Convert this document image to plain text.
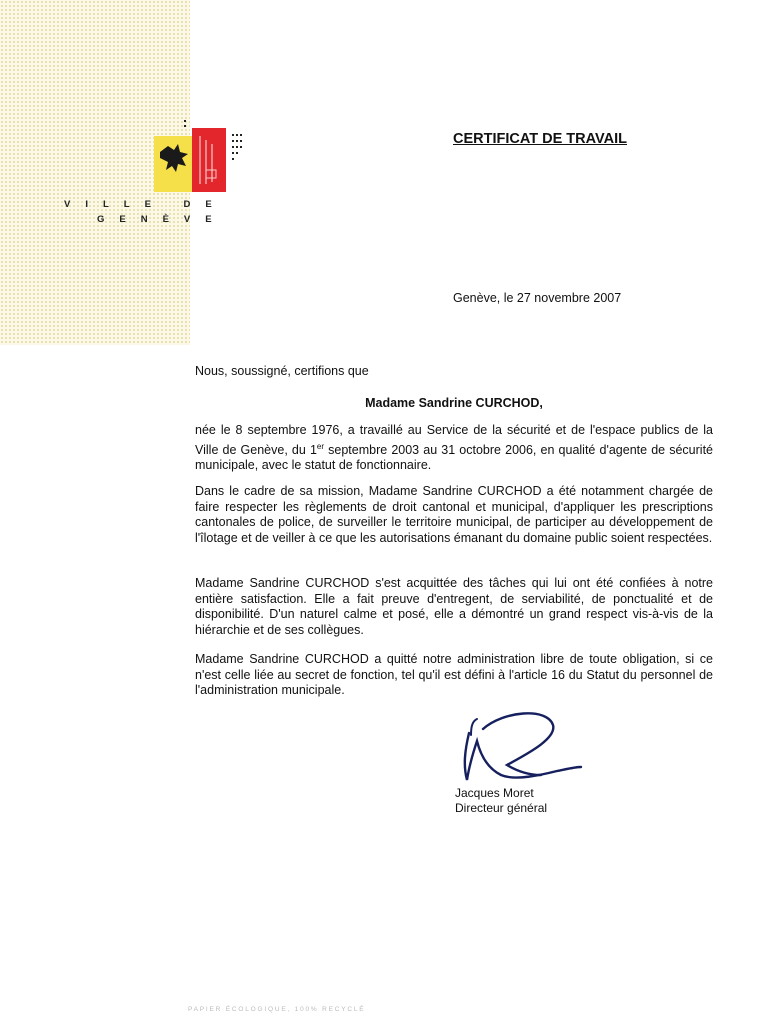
VILLE DE
GENÈVE
CERTIFICAT DE TRAVAIL
Genève, le 27 novembre 2007
Nous, soussigné, certifions que
Madame Sandrine CURCHOD,

née le 8 septembre 1976, a travaillé au Service de la sécurité et de l'espace publics de la Ville de Genève, du 1er septembre 2003 au 31 octobre 2006, en qualité d'agente de sécurité municipale, avec le statut de fonctionnaire.

Dans le cadre de sa mission, Madame Sandrine CURCHOD a été notamment chargée de faire respecter les règlements de droit cantonal et municipal, d'appliquer les prescriptions cantonales de police, de surveiller le territoire municipal, de participer au développement de l'îlotage et de veiller à ce que les autorisations émanant du domaine public soient respectées.

Madame Sandrine CURCHOD s'est acquittée des tâches qui lui ont été confiées à notre entière satisfaction. Elle a fait preuve d'entregent, de serviabilité, de ponctualité et de disponibilité. D'un naturel calme et posé, elle a démontré un grand respect vis-à-vis de la hiérarchie et de ses collègues.

Madame Sandrine CURCHOD a quitté notre administration libre de toute obligation, si ce n'est celle liée au secret de fonction, tel qu'il est défini à l'article 16 du Statut du personnel de l'administration municipale.

Jacques Moret
Directeur général
PAPIER ÉCOLOGIQUE, 100% RECYCLÉ
